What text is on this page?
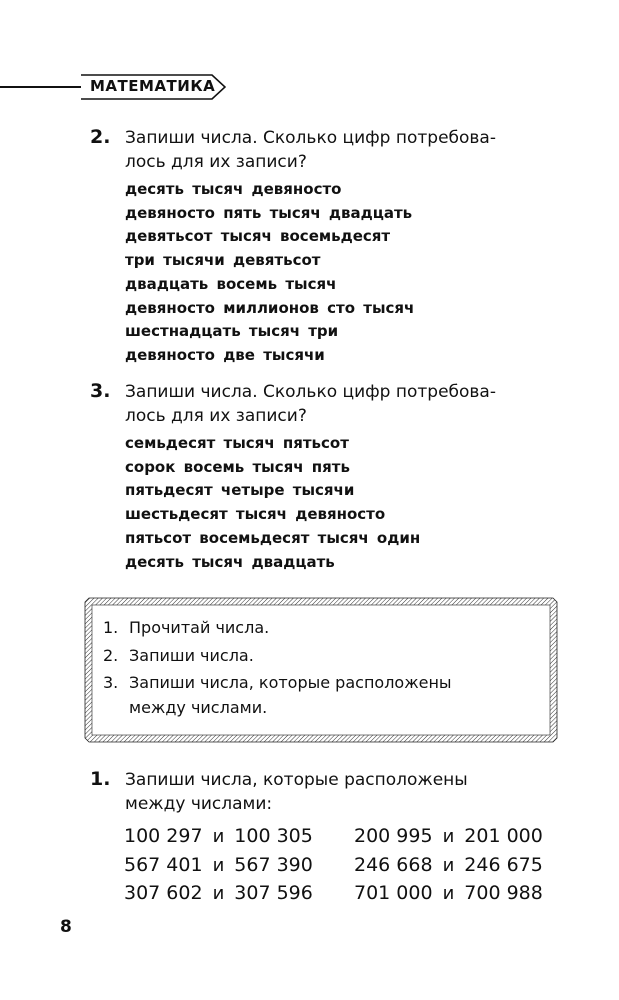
МАТЕМАТИКА
2. Запиши числа. Сколько цифр потребова-
лось для их записи?
десять тысяч девяносто
девяносто пять тысяч двадцать
девятьсот тысяч восемьдесят
три тысячи девятьсот
двадцать восемь тысяч
девяносто миллионов сто тысяч
шестнадцать тысяч три
девяносто две тысячи
3. Запиши числа. Сколько цифр потребова-
лось для их записи?
семьдесят тысяч пятьсот
сорок восемь тысяч пять
пятьдесят четыре тысячи
шестьдесят тысяч девяносто
пятьсот восемьдесят тысяч один
десять тысяч двадцать
1. Прочитай числа.
2. Запиши числа.
3. Запиши числа, которые расположены
между числами.
1. Запиши числа, которые расположены
между числами:
100 297 и 100 305 200 995 и 201 000
567 401 и 567 390 246 668 и 246 675
307 602 и 307 596 701 000 и 700 988
8
